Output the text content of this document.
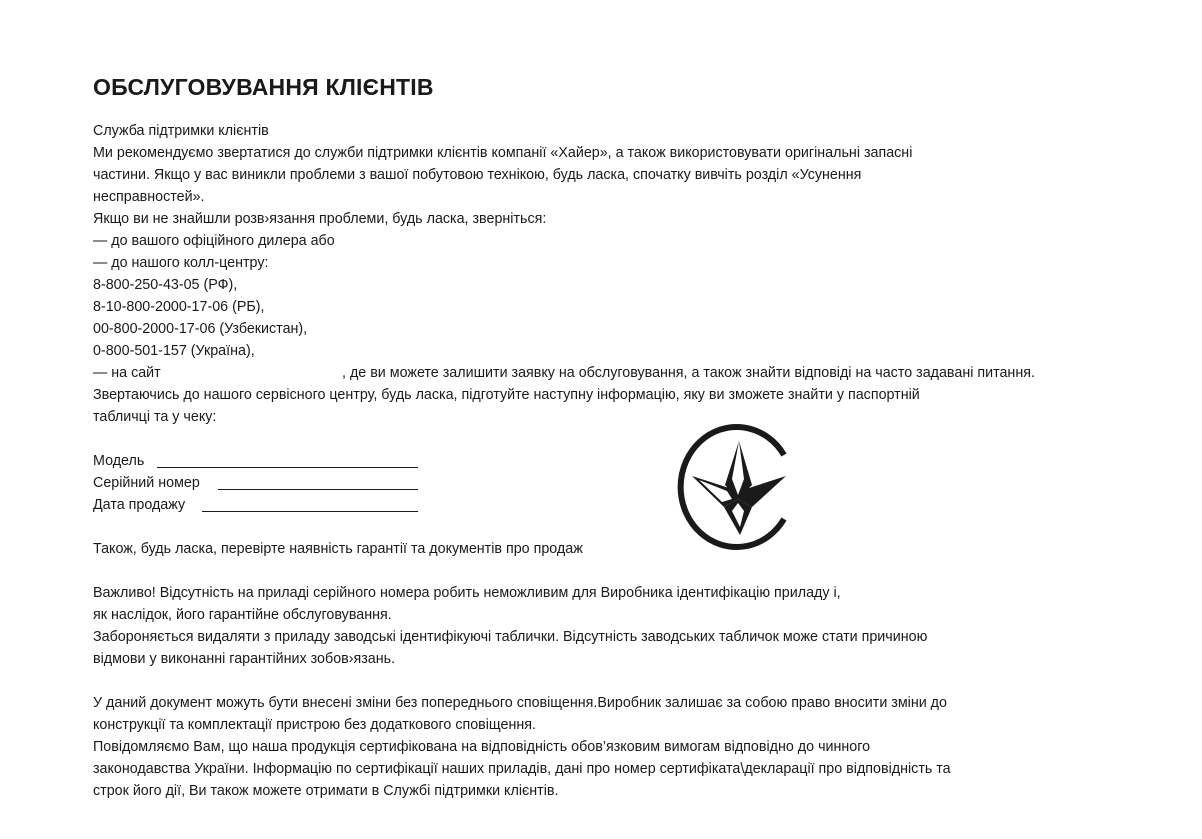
ОБСЛУГОВУВАННЯ КЛІЄНТІВ
Служба підтримки клієнтів
Ми рекомендуємо звертатися до служби підтримки клієнтів компанії «Хайер», а також використовувати оригінальні запасні
частини. Якщо у вас виникли проблеми з вашої побутовою технікою, будь ласка, спочатку вивчіть розділ «Усунення
несправностей».
Якщо ви не знайшли розв›язання проблеми, будь ласка, зверніться:
— до вашого офіційного дилера або
— до нашого колл-центру:
8-800-250-43-05 (РФ),
8-10-800-2000-17-06 (РБ),
00-800-2000-17-06 (Узбекистан),
0-800-501-157 (Україна),
— на сайт	, де ви можете залишити заявку на обслуговування, а також знайти відповіді на часто задавані питання.
Звертаючись до нашого сервісного центру, будь ласка, підготуйте наступну інформацію, яку ви зможете знайти у паспортній
табличці та у чеку:
Модель
Серійний номер
Дата продажу
Також, будь ласка, перевірте наявність гарантії та документів про продаж
Важливо! Відсутність на приладі серійного номера робить неможливим для Виробника ідентифікацію приладу і,
як наслідок, його гарантійне обслуговування.
Забороняється видаляти з приладу заводські ідентифікуючі таблички. Відсутність заводських табличок може стати причиною
відмови у виконанні гарантійних зобов›язань.
У даний документ можуть бути внесені зміни без попереднього сповіщення.Виробник залишає за собою право вносити зміни до
конструкції та комплектації пристрою без додаткового сповіщення.
Повідомляємо Вам, що наша продукція сертифікована на відповідність обов’язковим вимогам відповідно до чинного
законодавства України. Інформацію по сертифікації наших приладів, дані про номер сертифіката\декларації про відповідність та
строк його дії, Ви також можете отримати в Службі підтримки клієнтів.
